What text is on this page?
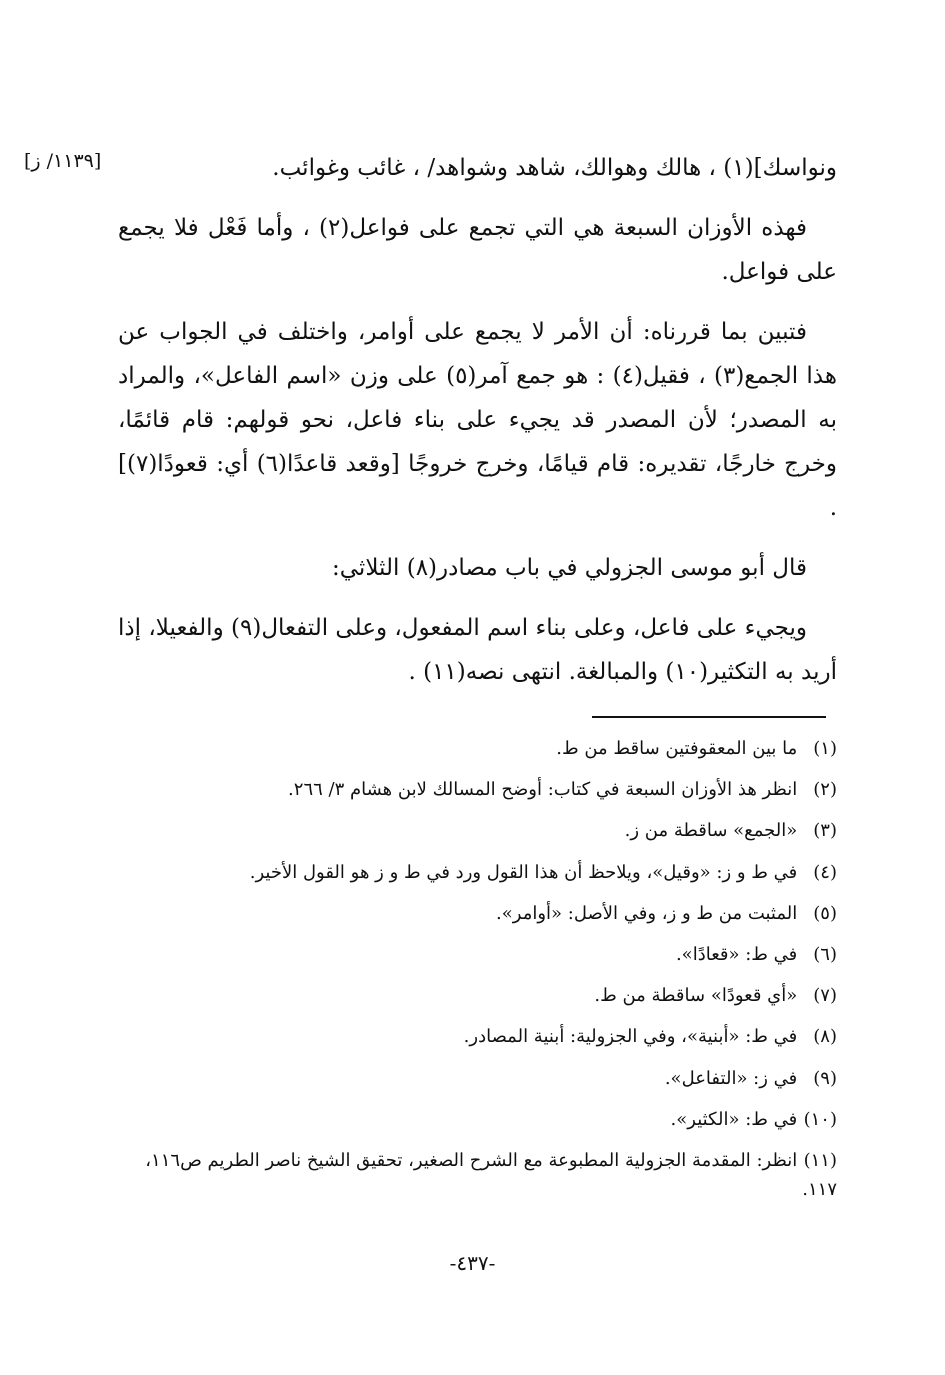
[١١٣٩/ ز]	ونواسك](١) ، هالك وهوالك، شاهد وشواهد/ ، غائب وغوائب.

فهذه الأوزان السبعة هي التي تجمع على فواعل(٢) ، وأما فَعْل فلا يجمع على فواعل.

فتبين بما قررناه: أن الأمر لا يجمع على أوامر، واختلف في الجواب عن هذا الجمع(٣) ، فقيل(٤) : هو جمع آمر(٥) على وزن «اسم الفاعل»، والمراد به المصدر؛ لأن المصدر قد يجيء على بناء فاعل، نحو قولهم: قام قائمًا، وخرج خارجًا، تقديره: قام قيامًا، وخرج خروجًا [وقعد قاعدًا(٦) أي: قعودًا(٧)] .

قال أبو موسى الجزولي في باب مصادر(٨) الثلاثي:

ويجيء على فاعل، وعلى بناء اسم المفعول، وعلى التفعال(٩) والفعيلا، إذا أريد به التكثير(١٠) والمبالغة. انتهى نصه(١١) .

(١) ما بين المعقوفتين ساقط من ط.
(٢) انظر هذ الأوزان السبعة في كتاب: أوضح المسالك لابن هشام ٣/ ٢٦٦.
(٣) «الجمع» ساقطة من ز.
(٤) في ط و ز: «وقيل»، ويلاحظ أن هذا القول ورد في ط و ز هو القول الأخير.
(٥) المثبت من ط و ز، وفي الأصل: «أوامر».
(٦) في ط: «قعادًا».
(٧) «أي قعودًا» ساقطة من ط.
(٨) في ط: «أبنية»، وفي الجزولية: أبنية المصادر.
(٩) في ز: «التفاعل».
(١٠) في ط: «الكثير».
(١١) انظر: المقدمة الجزولية المطبوعة مع الشرح الصغير، تحقيق الشيخ ناصر الطريم ص١١٦، ١١٧.
-٤٣٧-
